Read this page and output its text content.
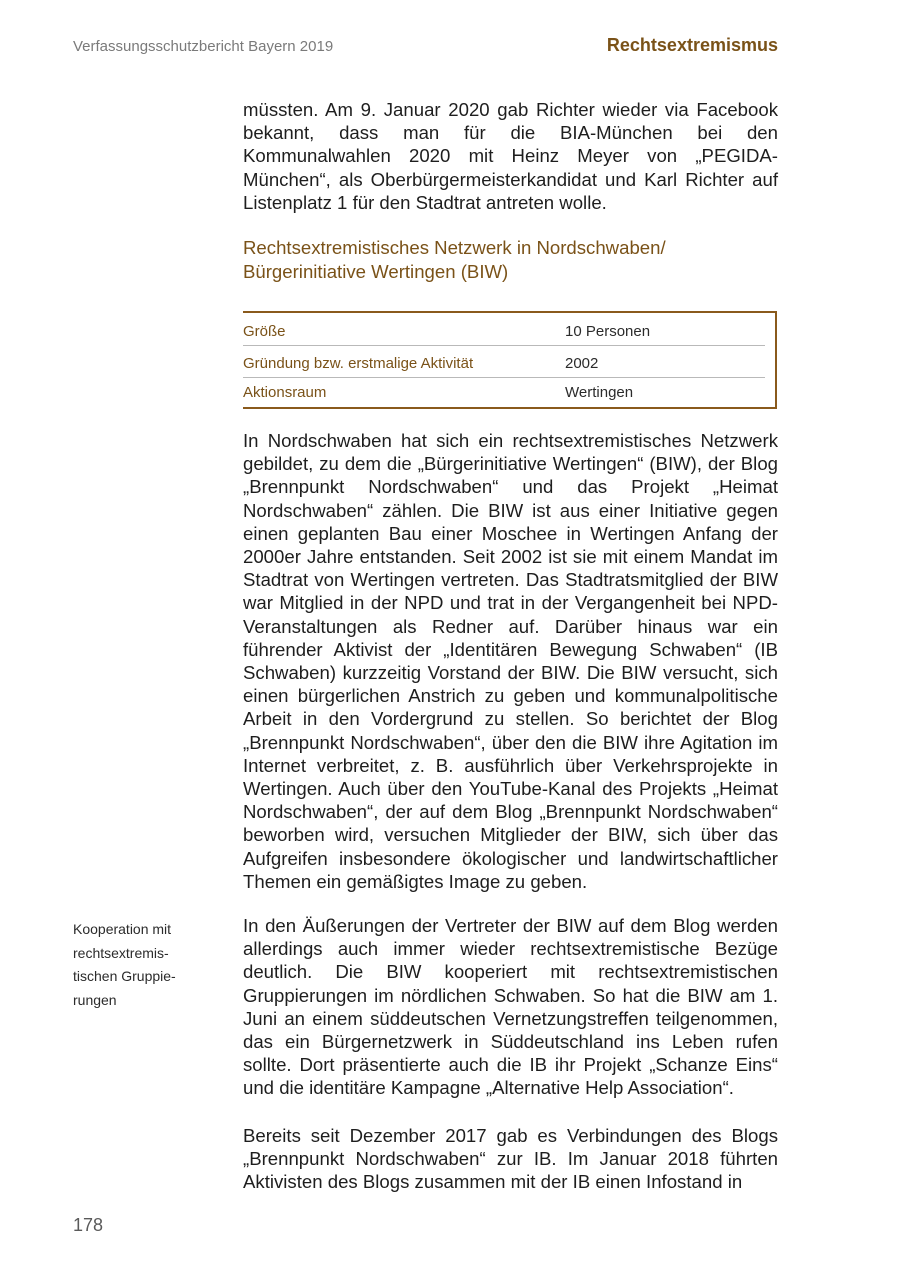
Verfassungsschutzbericht Bayern 2019	Rechtsextremismus

müssten. Am 9. Januar 2020 gab Richter wieder via Facebook bekannt, dass man für die BIA-München bei den Kommunalwahlen 2020 mit Heinz Meyer von „PEGIDA-München“, als Oberbürgermeisterkandidat und Karl Richter auf Listenplatz 1 für den Stadtrat antreten wolle.

Rechtsextremistisches Netzwerk in Nordschwaben/
Bürgerinitiative Wertingen (BIW)
Größe	10 Personen
Gründung bzw. erstmalige Aktivität	2002
Aktionsraum	Wertingen

In Nordschwaben hat sich ein rechtsextremistisches Netzwerk gebildet, zu dem die „Bürgerinitiative Wertingen“ (BIW), der Blog „Brennpunkt Nordschwaben“ und das Projekt „Heimat Nordschwaben“ zählen. Die BIW ist aus einer Initiative gegen einen geplanten Bau einer Moschee in Wertingen Anfang der 2000er Jahre entstanden. Seit 2002 ist sie mit einem Mandat im Stadtrat von Wertingen vertreten. Das Stadtratsmitglied der BIW war Mitglied in der NPD und trat in der Vergangenheit bei NPD-Veranstaltungen als Redner auf. Darüber hinaus war ein führender Aktivist der „Identitären Bewegung Schwaben“ (IB Schwaben) kurzzeitig Vorstand der BIW. Die BIW versucht, sich einen bürgerlichen Anstrich zu geben und kommunalpolitische Arbeit in den Vordergrund zu stellen. So berichtet der Blog „Brennpunkt Nordschwaben“, über den die BIW ihre Agitation im Internet verbreitet, z. B. ausführlich über Verkehrsprojekte in Wertingen. Auch über den YouTube-Kanal des Projekts „Heimat Nordschwaben“, der auf dem Blog „Brennpunkt Nordschwaben“ beworben wird, versuchen Mitglieder der BIW, sich über das Aufgreifen insbesondere ökologischer und landwirtschaftlicher Themen ein gemäßigtes Image zu geben.

Kooperation mit
rechtsextremis-
tischen Gruppie-
rungen

In den Äußerungen der Vertreter der BIW auf dem Blog werden allerdings auch immer wieder rechtsextremistische Bezüge deutlich. Die BIW kooperiert mit rechtsextremistischen Gruppierungen im nördlichen Schwaben. So hat die BIW am 1. Juni an einem süddeutschen Vernetzungstreffen teilgenommen, das ein Bürgernetzwerk in Süddeutschland ins Leben rufen sollte. Dort präsentierte auch die IB ihr Projekt „Schanze Eins“ und die identitäre Kampagne „Alternative Help Association“.

Bereits seit Dezember 2017 gab es Verbindungen des Blogs „Brennpunkt Nordschwaben“ zur IB. Im Januar 2018 führten Aktivisten des Blogs zusammen mit der IB einen Infostand in

178
